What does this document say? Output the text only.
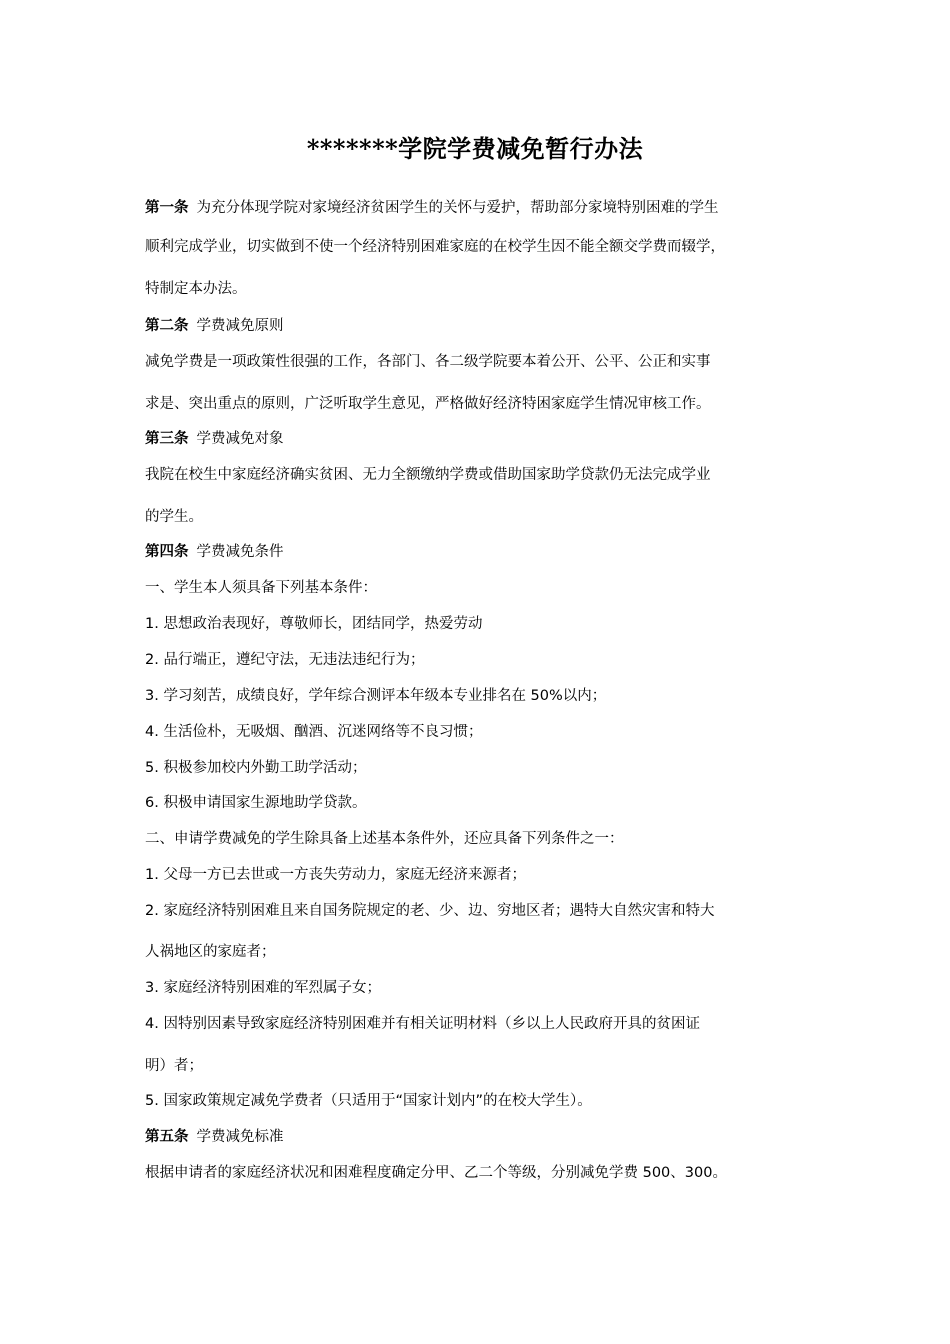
*******学院学费减免暂行办法
第一条 为充分体现学院对家境经济贫困学生的关怀与爱护，帮助部分家境特别困难的学生
顺利完成学业，切实做到不使一个经济特别困难家庭的在校学生因不能全额交学费而辍学，
特制定本办法。
第二条 学费减免原则
减免学费是一项政策性很强的工作，各部门、各二级学院要本着公开、公平、公正和实事
求是、突出重点的原则，广泛听取学生意见，严格做好经济特困家庭学生情况审核工作。
第三条 学费减免对象
我院在校生中家庭经济确实贫困、无力全额缴纳学费或借助国家助学贷款仍无法完成学业
的学生。
第四条 学费减免条件
一、学生本人须具备下列基本条件：
1. 思想政治表现好，尊敬师长，团结同学，热爱劳动
2. 品行端正，遵纪守法，无违法违纪行为；
3. 学习刻苦，成绩良好，学年综合测评本年级本专业排名在 50%以内；
4. 生活俭朴，无吸烟、酗酒、沉迷网络等不良习惯；
5. 积极参加校内外勤工助学活动；
6. 积极申请国家生源地助学贷款。
二、申请学费减免的学生除具备上述基本条件外，还应具备下列条件之一：
1. 父母一方已去世或一方丧失劳动力，家庭无经济来源者；
2. 家庭经济特别困难且来自国务院规定的老、少、边、穷地区者；遇特大自然灾害和特大
人祸地区的家庭者；
3. 家庭经济特别困难的军烈属子女；
4. 因特别因素导致家庭经济特别困难并有相关证明材料（乡以上人民政府开具的贫困证
明）者；
5. 国家政策规定减免学费者（只适用于“国家计划内”的在校大学生）。
第五条 学费减免标准
根据申请者的家庭经济状况和困难程度确定分甲、乙二个等级，分别减免学费 500、300。
